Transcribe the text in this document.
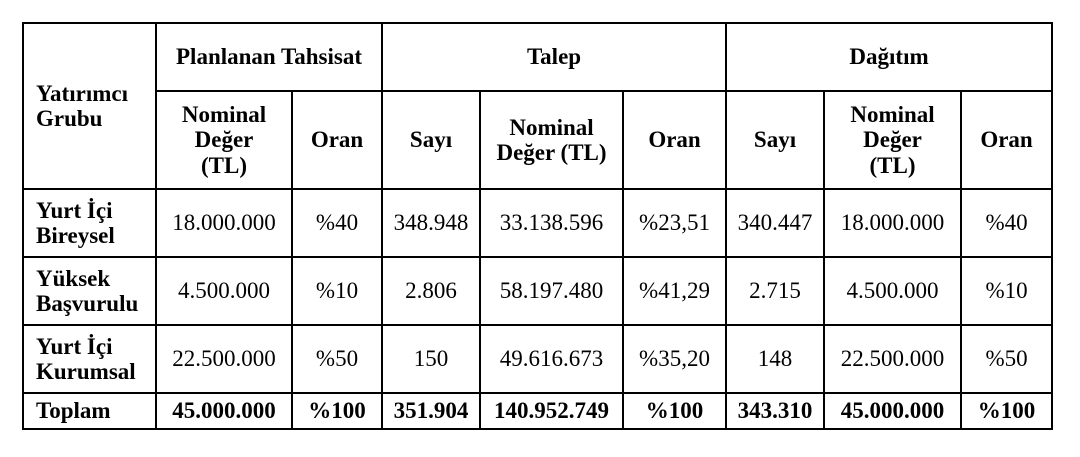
Yatırımcı Grubu	Planlanan Tahsisat		Talep			Dağıtım		
	Nominal Değer (TL)	Oran	Sayı	Nominal Değer (TL)	Oran	Sayı	Nominal Değer (TL)	Oran
Yurt İçi Bireysel	18.000.000	%40	348.948	33.138.596	%23,51	340.447	18.000.000	%40
Yüksek Başvurulu	4.500.000	%10	2.806	58.197.480	%41,29	2.715	4.500.000	%10
Yurt İçi Kurumsal	22.500.000	%50	150	49.616.673	%35,20	148	22.500.000	%50
Toplam	45.000.000	%100	351.904	140.952.749	%100	343.310	45.000.000	%100
